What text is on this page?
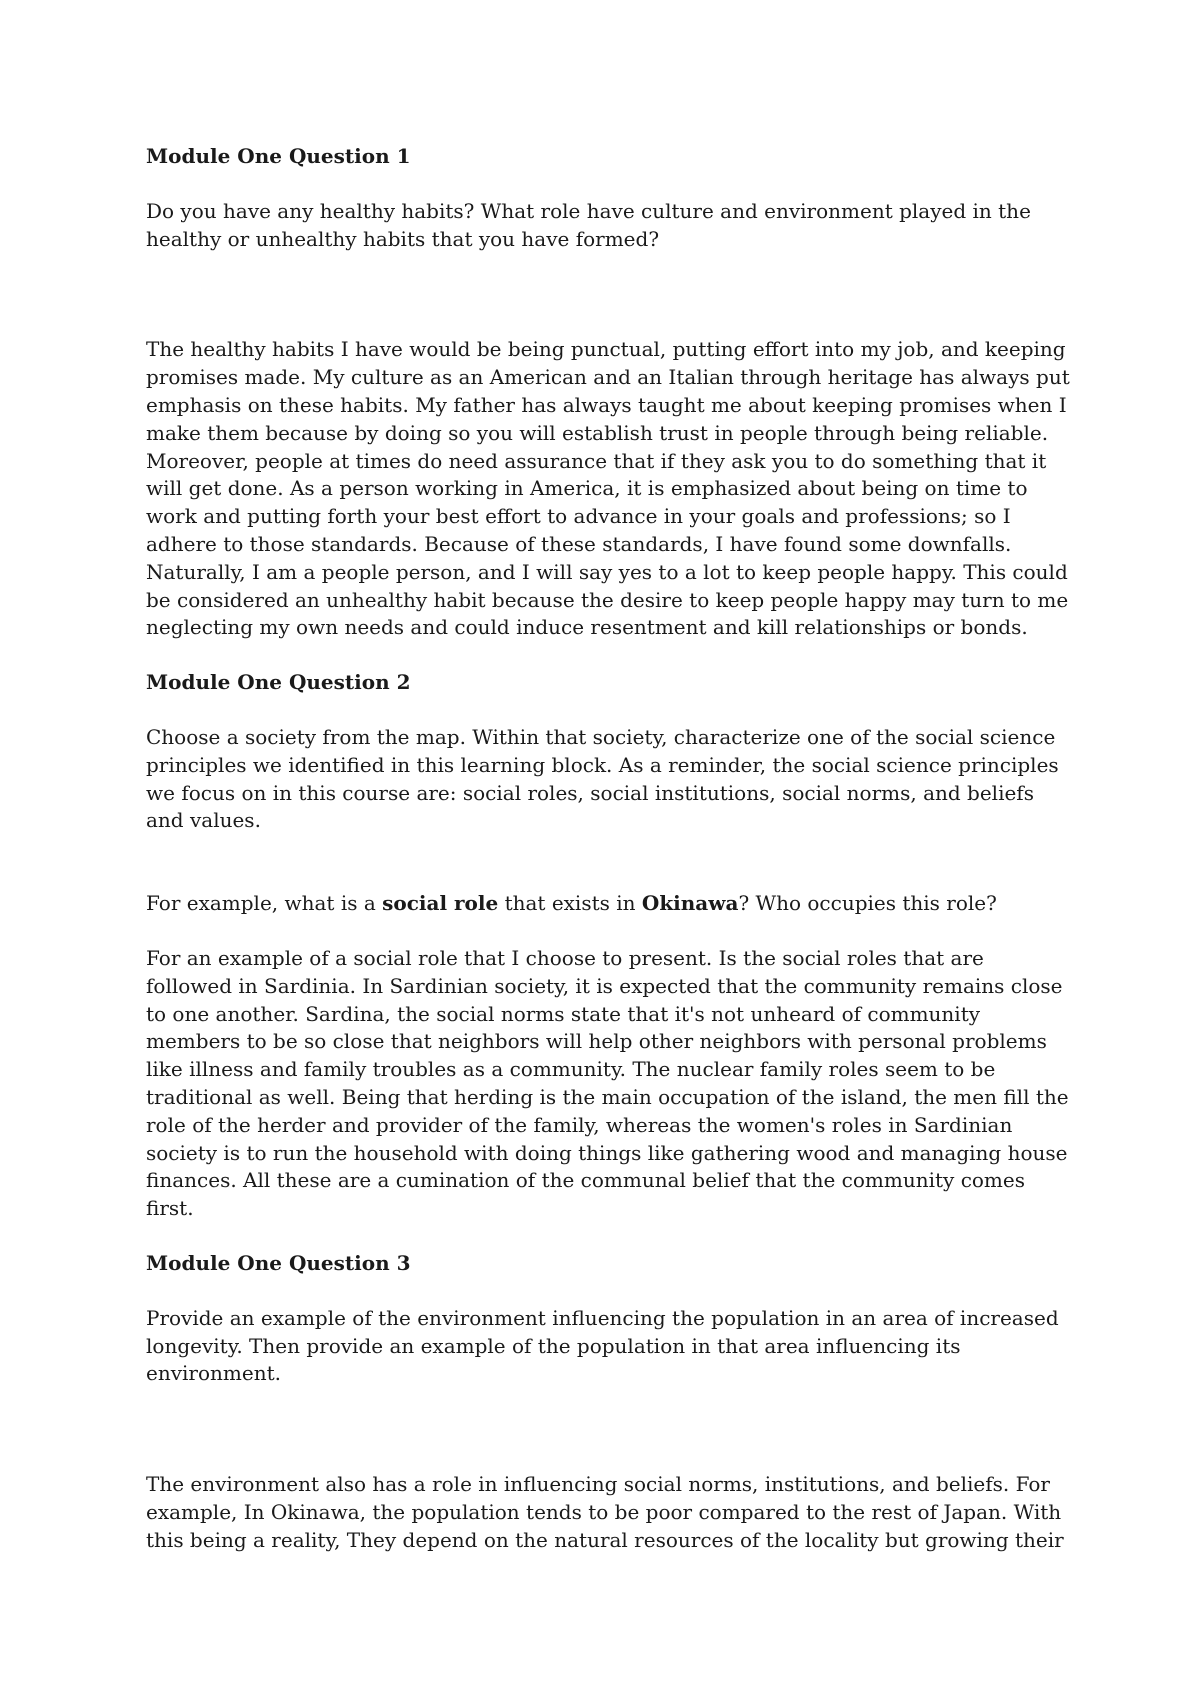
Module One Question 1

Do you have any healthy habits? What role have culture and environment played in the healthy or unhealthy habits that you have formed?

The healthy habits I have would be being punctual, putting effort into my job, and keeping promises made. My culture as an American and an Italian through heritage has always put emphasis on these habits. My father has always taught me about keeping promises when I make them because by doing so you will establish trust in people through being reliable. Moreover, people at times do need assurance that if they ask you to do something that it will get done. As a person working in America, it is emphasized about being on time to work and putting forth your best effort to advance in your goals and professions; so I adhere to those standards. Because of these standards, I have found some downfalls. Naturally, I am a people person, and I will say yes to a lot to keep people happy. This could be considered an unhealthy habit because the desire to keep people happy may turn to me neglecting my own needs and could induce resentment and kill relationships or bonds.

Module One Question 2

Choose a society from the map. Within that society, characterize one of the social science principles we identified in this learning block. As a reminder, the social science principles we focus on in this course are: social roles, social institutions, social norms, and beliefs and values.

For example, what is a social role that exists in Okinawa? Who occupies this role?

For an example of a social role that I choose to present. Is the social roles that are followed in Sardinia. In Sardinian society, it is expected that the community remains close to one another. Sardina, the social norms state that it's not unheard of community members to be so close that neighbors will help other neighbors with personal problems like illness and family troubles as a community. The nuclear family roles seem to be traditional as well. Being that herding is the main occupation of the island, the men fill the role of the herder and provider of the family, whereas the women's roles in Sardinian society is to run the household with doing things like gathering wood and managing house finances. All these are a cumination of the communal belief that the community comes first.

Module One Question 3

Provide an example of the environment influencing the population in an area of increased longevity. Then provide an example of the population in that area influencing its environment.

The environment also has a role in influencing social norms, institutions, and beliefs. For example, In Okinawa, the population tends to be poor compared to the rest of Japan. With this being a reality, They depend on the natural resources of the locality but growing their
